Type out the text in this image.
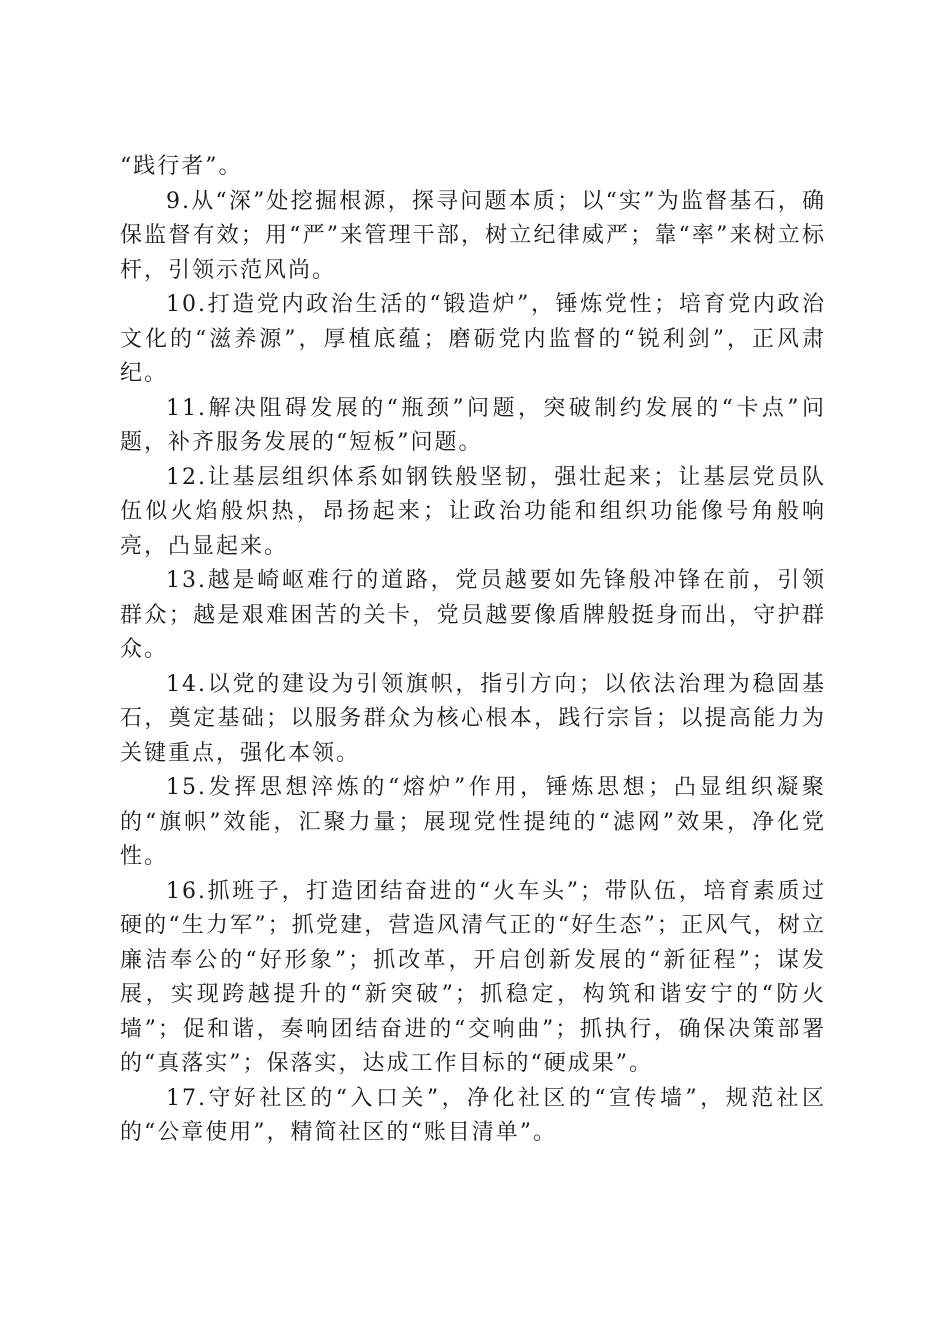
“践行者”。

9.从“深”处挖掘根源，探寻问题本质；以“实”为监督基石，确保监督有效；用“严”来管理干部，树立纪律威严；靠“率”来树立标杆，引领示范风尚。

10.打造党内政治生活的“锻造炉”，锤炼党性；培育党内政治文化的“滋养源”，厚植底蕴；磨砺党内监督的“锐利剑”，正风肃纪。

11.解决阻碍发展的“瓶颈”问题，突破制约发展的“卡点”问题，补齐服务发展的“短板”问题。

12.让基层组织体系如钢铁般坚韧，强壮起来；让基层党员队伍似火焰般炽热，昂扬起来；让政治功能和组织功能像号角般响亮，凸显起来。

13.越是崎岖难行的道路，党员越要如先锋般冲锋在前，引领群众；越是艰难困苦的关卡，党员越要像盾牌般挺身而出，守护群众。

14.以党的建设为引领旗帜，指引方向；以依法治理为稳固基石，奠定基础；以服务群众为核心根本，践行宗旨；以提高能力为关键重点，强化本领。

15.发挥思想淬炼的“熔炉”作用，锤炼思想；凸显组织凝聚的“旗帜”效能，汇聚力量；展现党性提纯的“滤网”效果，净化党性。

16.抓班子，打造团结奋进的“火车头”；带队伍，培育素质过硬的“生力军”；抓党建，营造风清气正的“好生态”；正风气，树立廉洁奉公的“好形象”；抓改革，开启创新发展的“新征程”；谋发展，实现跨越提升的“新突破”；抓稳定，构筑和谐安宁的“防火墙”；促和谐，奏响团结奋进的“交响曲”；抓执行，确保决策部署的“真落实”；保落实，达成工作目标的“硬成果”。

17.守好社区的“入口关”，净化社区的“宣传墙”，规范社区的“公章使用”，精简社区的“账目清单”。
